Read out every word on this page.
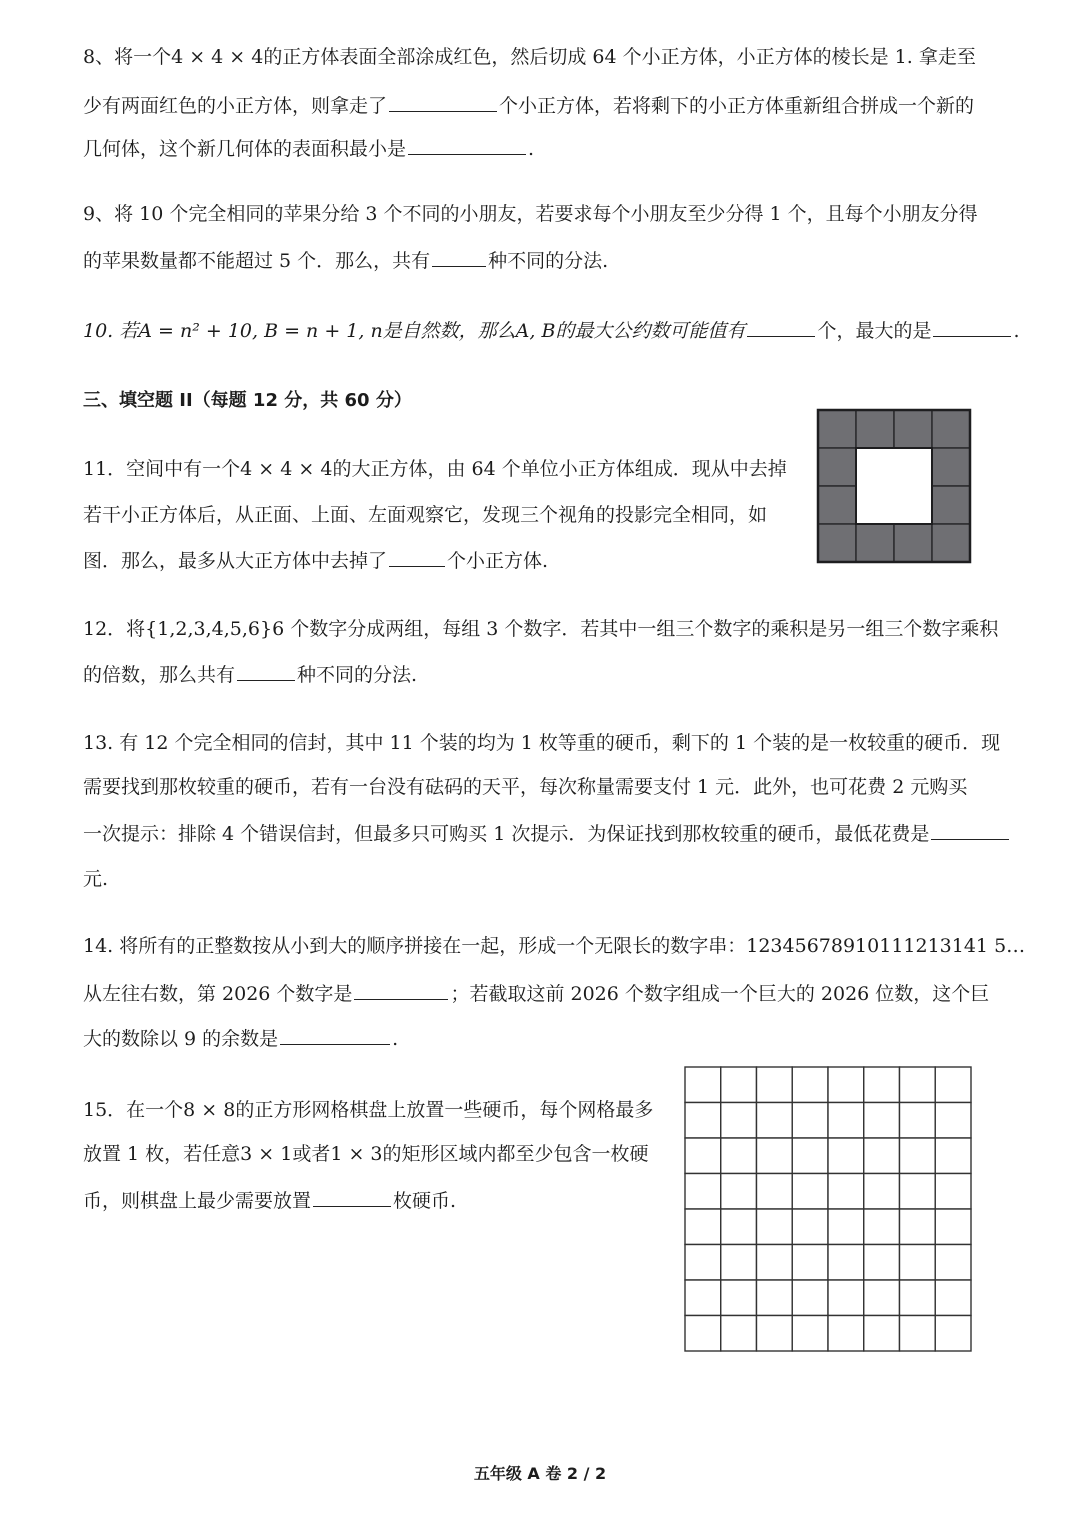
8、将一个4 × 4 × 4的正方体表面全部涂成红色，然后切成 64 个小正方体，小正方体的棱长是 1. 拿走至
少有两面红色的小正方体，则拿走了	个小正方体，若将剩下的小正方体重新组合拼成一个新的
几何体，这个新几何体的表面积最小是	.
9、将 10 个完全相同的苹果分给 3 个不同的小朋友，若要求每个小朋友至少分得 1 个，且每个小朋友分得
的苹果数量都不能超过 5 个．那么，共有	种不同的分法.
10. 若A = n² + 10, B = n + 1, n是自然数，那么A, B的最大公约数可能值有	个，最大的是	.
三、填空题 II（每题 12 分，共 60 分）
11．空间中有一个4 × 4 × 4的大正方体，由 64 个单位小正方体组成．现从中去掉
若干小正方体后，从正面、上面、左面观察它，发现三个视角的投影完全相同，如
图．那么，最多从大正方体中去掉了	个小正方体.
12．将{1,2,3,4,5,6}6 个数字分成两组，每组 3 个数字．若其中一组三个数字的乘积是另一组三个数字乘积
的倍数，那么共有	种不同的分法.
13. 有 12 个完全相同的信封，其中 11 个装的均为 1 枚等重的硬币，剩下的 1 个装的是一枚较重的硬币．现
需要找到那枚较重的硬币，若有一台没有砝码的天平，每次称量需要支付 1 元．此外，也可花费 2 元购买
一次提示：排除 4 个错误信封，但最多只可购买 1 次提示．为保证找到那枚较重的硬币，最低花费是
元.
14. 将所有的正整数按从小到大的顺序拼接在一起，形成一个无限长的数字串：12345678910111213141 5…
从左往右数，第 2026 个数字是	；若截取这前 2026 个数字组成一个巨大的 2026 位数，这个巨
大的数除以 9 的余数是	.
15．在一个8 × 8的正方形网格棋盘上放置一些硬币，每个网格最多
放置 1 枚，若任意3 × 1或者1 × 3的矩形区域内都至少包含一枚硬
币，则棋盘上最少需要放置	枚硬币.
五年级 A 卷 2 / 2
